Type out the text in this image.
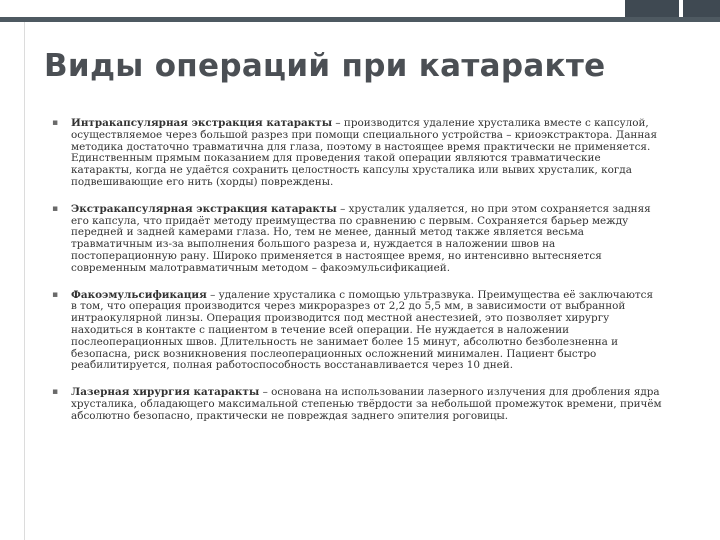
Виды операций при катаракте
▪ Интракапсулярная экстракция катаракты – производится удаление хрусталика вместе с капсулой, осуществляемое через большой разрез при помощи специального устройства – криоэкстрактора. Данная методика достаточно травматична для глаза, поэтому в настоящее время практически не применяется. Единственным прямым показанием для проведения такой операции являются травматические катаракты, когда не удаётся сохранить целостность капсулы хрусталика или вывих хрусталик, когда подвешивающие его нить (хорды) повреждены.
▪ Экстракапсулярная экстракция катаракты – хрусталик удаляется, но при этом сохраняется задняя его капсула, что придаёт методу преимущества по сравнению с первым. Сохраняется барьер между передней и задней камерами глаза. Но, тем не менее, данный метод также является весьма травматичным из-за выполнения большого разреза и, нуждается в наложении швов на постоперационную рану. Широко применяется в настоящее время, но интенсивно вытесняется современным малотравматичным методом – факоэмульсификацией.
▪ Факоэмульсификация – удаление хрусталика с помощью ультразвука. Преимущества её заключаются в том, что операция производится через микроразрез от 2,2 до 5,5 мм, в зависимости от выбранной интраокулярной линзы. Операция производится под местной анестезией, это позволяет хирургу находиться в контакте с пациентом в течение всей операции. Не нуждается в наложении послеоперационных швов. Длительность не занимает более 15 минут, абсолютно безболезненна и безопасна, риск возникновения послеоперационных осложнений минимален. Пациент быстро реабилитируется, полная работоспособность восстанавливается через 10 дней.
▪ Лазерная хирургия катаракты – основана на использовании лазерного излучения для дробления ядра хрусталика, обладающего максимальной степенью твёрдости за небольшой промежуток времени, причём абсолютно безопасно, практически не повреждая заднего эпителия роговицы.
